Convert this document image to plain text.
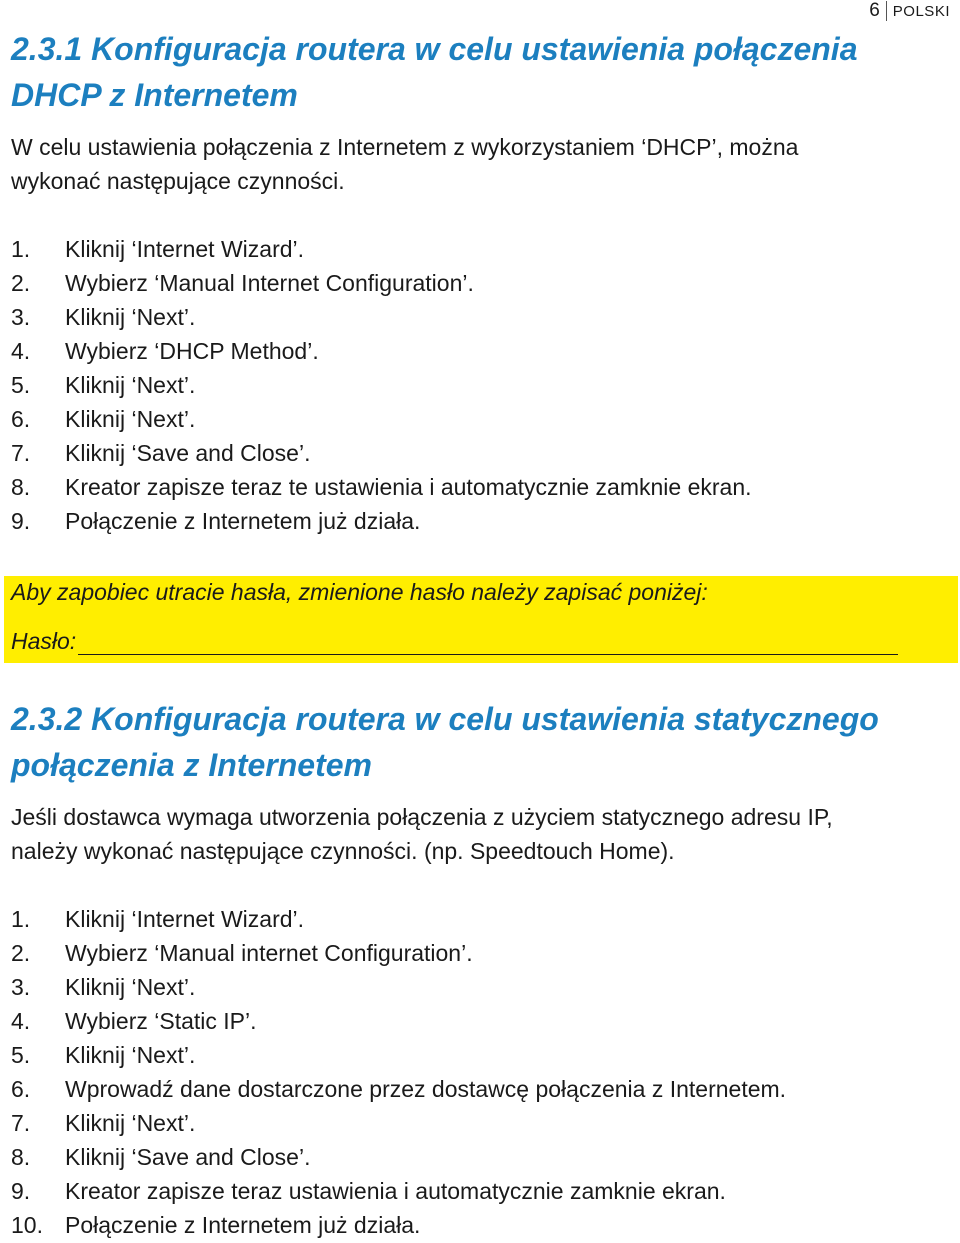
6 POLSKI
2.3.1 Konfiguracja routera w celu ustawienia połączenia
DHCP z Internetem

W celu ustawienia połączenia z Internetem z wykorzystaniem ‘DHCP’, można
wykonać następujące czynności.

1.	Kliknij ‘Internet Wizard’.
2.	Wybierz ‘Manual Internet Configuration’.
3.	Kliknij ‘Next’.
4.	Wybierz ‘DHCP Method’.
5.	Kliknij ‘Next’.
6.	Kliknij ‘Next’.
7.	Kliknij ‘Save and Close’.
8.	Kreator zapisze teraz te ustawienia i automatycznie zamknie ekran.
9.	Połączenie z Internetem już działa.

Aby zapobiec utracie hasła, zmienione hasło należy zapisać poniżej:

Hasło:
2.3.2 Konfiguracja routera w celu ustawienia statycznego
połączenia z Internetem

Jeśli dostawca wymaga utworzenia połączenia z użyciem statycznego adresu IP,
należy wykonać następujące czynności. (np. Speedtouch Home).

1.	Kliknij ‘Internet Wizard’.
2.	Wybierz ‘Manual internet Configuration’.
3.	Kliknij ‘Next’.
4.	Wybierz ‘Static IP’.
5.	Kliknij ‘Next’.
6.	Wprowadź dane dostarczone przez dostawcę połączenia z Internetem.
7.	Kliknij ‘Next’.
8.	Kliknij ‘Save and Close’.
9.	Kreator zapisze teraz ustawienia i automatycznie zamknie ekran.
10. Połączenie z Internetem już działa.
